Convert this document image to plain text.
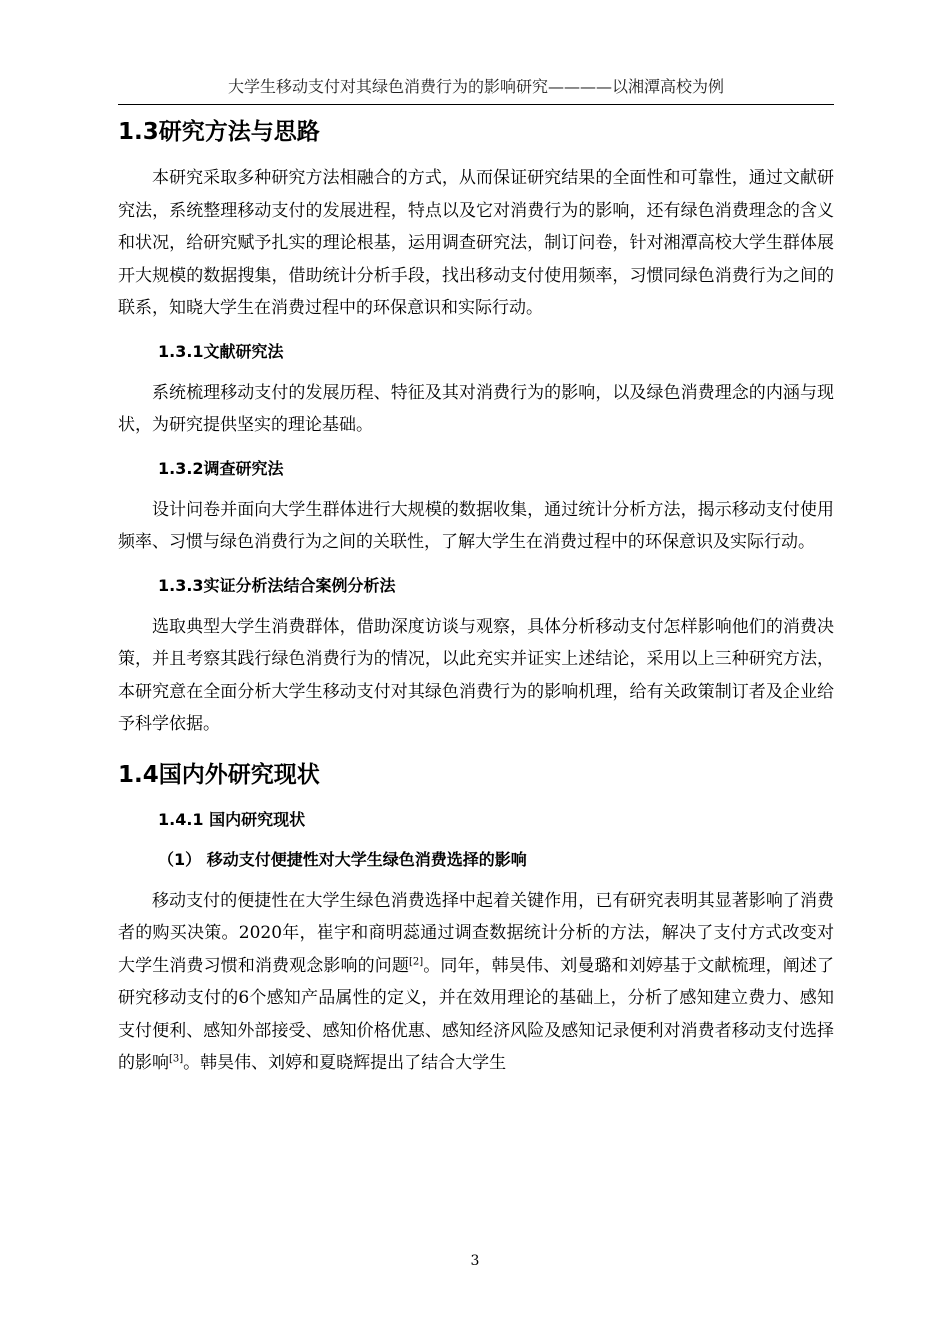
大学生移动支付对其绿色消费行为的影响研究————以湘潭高校为例
1.3研究方法与思路

本研究采取多种研究方法相融合的方式，从而保证研究结果的全面性和可靠性，通过文献研究法，系统整理移动支付的发展进程，特点以及它对消费行为的影响，还有绿色消费理念的含义和状况，给研究赋予扎实的理论根基，运用调查研究法，制订问卷，针对湘潭高校大学生群体展开大规模的数据搜集，借助统计分析手段，找出移动支付使用频率，习惯同绿色消费行为之间的联系，知晓大学生在消费过程中的环保意识和实际行动。

1.3.1文献研究法

系统梳理移动支付的发展历程、特征及其对消费行为的影响，以及绿色消费理念的内涵与现状，为研究提供坚实的理论基础。

1.3.2调查研究法

设计问卷并面向大学生群体进行大规模的数据收集，通过统计分析方法，揭示移动支付使用频率、习惯与绿色消费行为之间的关联性，了解大学生在消费过程中的环保意识及实际行动。

1.3.3实证分析法结合案例分析法

选取典型大学生消费群体，借助深度访谈与观察，具体分析移动支付怎样影响他们的消费决策，并且考察其践行绿色消费行为的情况，以此充实并证实上述结论，采用以上三种研究方法，本研究意在全面分析大学生移动支付对其绿色消费行为的影响机理，给有关政策制订者及企业给予科学依据。

1.4国内外研究现状
1.4.1 国内研究现状
（1） 移动支付便捷性对大学生绿色消费选择的影响

移动支付的便捷性在大学生绿色消费选择中起着关键作用，已有研究表明其显著影响了消费者的购买决策。2020年，崔宇和商明蕊通过调查数据统计分析的方法，解决了支付方式改变对大学生消费习惯和消费观念影响的问题[2]。同年，韩昊伟、刘曼璐和刘婷基于文献梳理，阐述了研究移动支付的6个感知产品属性的定义，并在效用理论的基础上，分析了感知建立费力、感知支付便利、感知外部接受、感知价格优惠、感知经济风险及感知记录便利对消费者移动支付选择的影响[3]。韩昊伟、刘婷和夏晓辉提出了结合大学生

3
